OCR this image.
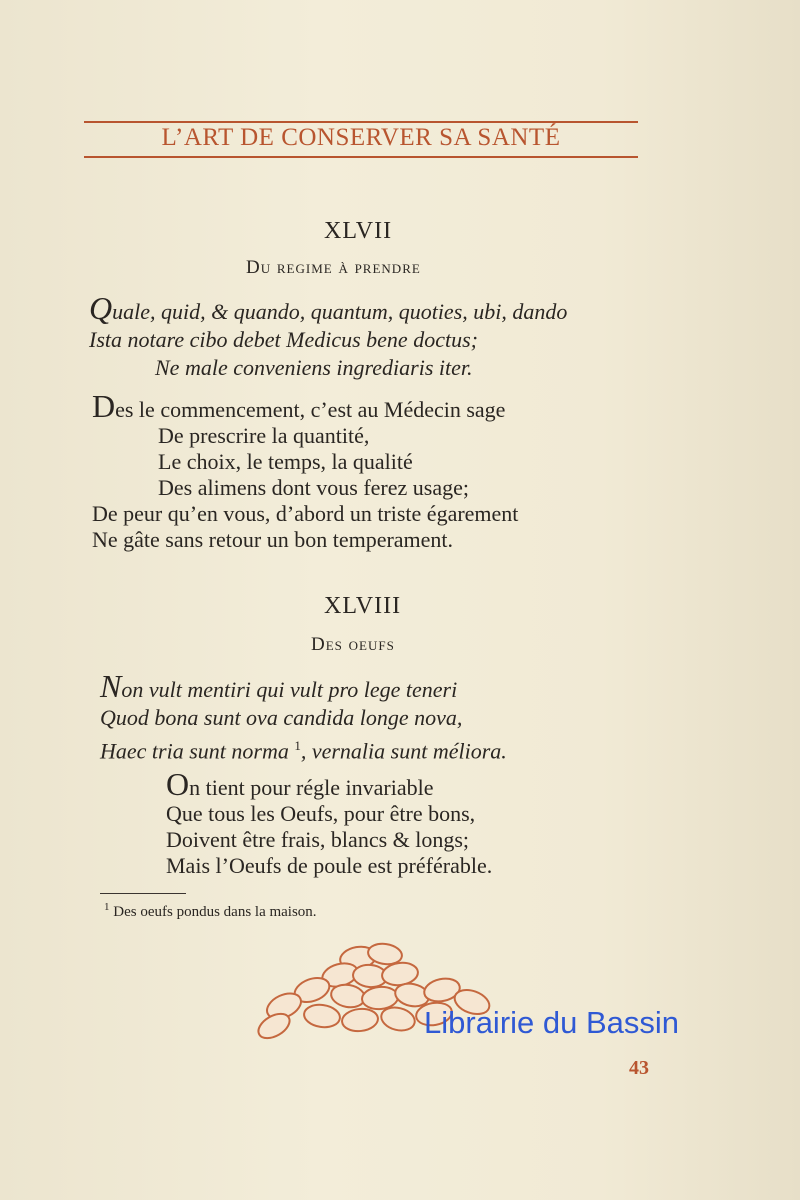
L’ART DE CONSERVER SA SANTÉ
XLVII
Du regime à prendre
Quale, quid, & quando, quantum, quoties, ubi, dando
Ista notare cibo debet Medicus bene doctus;
Ne male conveniens ingrediaris iter.
Des le commencement, c’est au Médecin sage
De prescrire la quantité,
Le choix, le temps, la qualité
Des alimens dont vous ferez usage;
De peur qu’en vous, d’abord un triste égarement
Ne gâte sans retour un bon temperament.
XLVIII
Des oeufs
Non vult mentiri qui vult pro lege teneri
Quod bona sunt ova candida longe nova,
Haec tria sunt norma $^1$, vernalia sunt méliora.
On tient pour régle invariable
Que tous les Oeufs, pour être bons,
Doivent être frais, blancs & longs;
Mais l’Oeufs de poule est préférable.
$^1$ Des oeufs pondus dans la maison.
Librairie du Bassin
43
